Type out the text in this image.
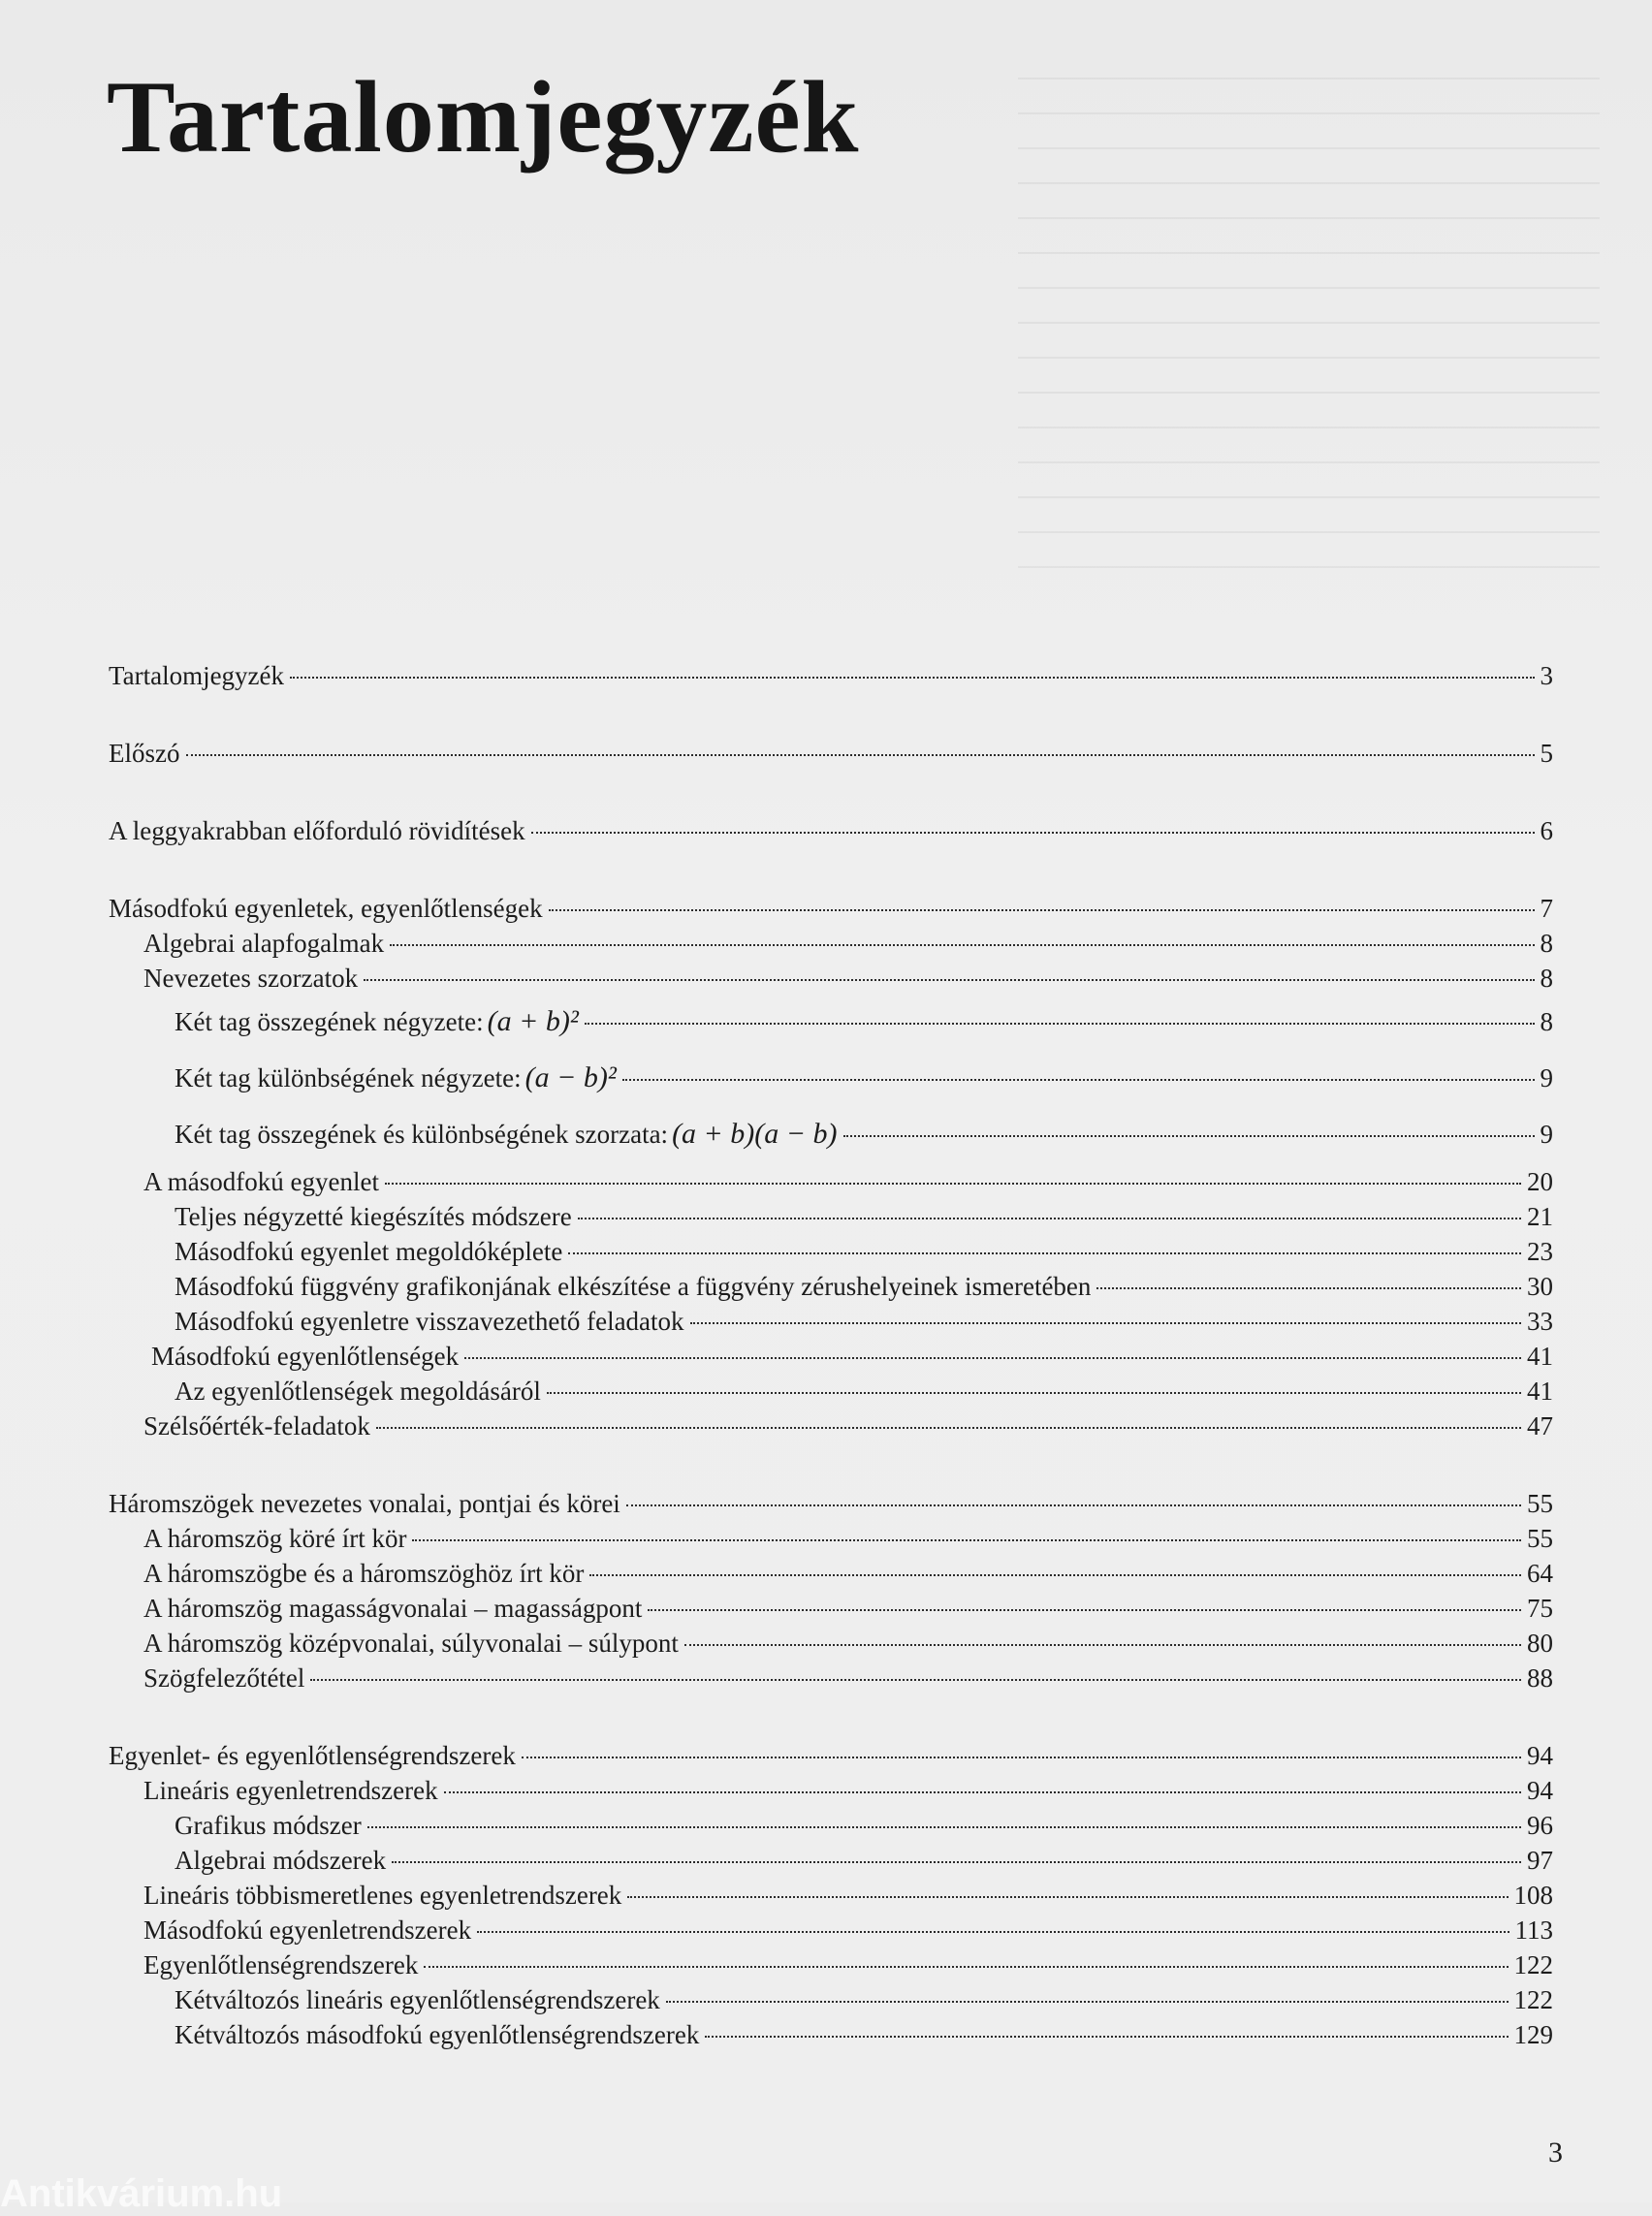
Tartalomjegyzék
Tartalomjegyzék	3
Előszó	5
A leggyakrabban előforduló rövidítések	6
Másodfokú egyenletek, egyenlőtlenségek	7
Algebrai alapfogalmak	8
Nevezetes szorzatok	8
Két tag összegének négyzete: (a + b)²	8
Két tag különbségének négyzete: (a − b)²	9
Két tag összegének és különbségének szorzata: (a + b)(a − b)	9
A másodfokú egyenlet	20
Teljes négyzetté kiegészítés módszere	21
Másodfokú egyenlet megoldóképlete	23
Másodfokú függvény grafikonjának elkészítése a függvény zérushelyeinek ismeretében	30
Másodfokú egyenletre visszavezethető feladatok	33
Másodfokú egyenlőtlenségek	41
Az egyenlőtlenségek megoldásáról	41
Szélsőérték-feladatok	47
Háromszögek nevezetes vonalai, pontjai és körei	55
A háromszög köré írt kör	55
A háromszögbe és a háromszöghöz írt kör	64
A háromszög magasságvonalai – magasságpont	75
A háromszög középvonalai, súlyvonalai – súlypont	80
Szögfelezőtétel	88
Egyenlet- és egyenlőtlenségrendszerek	94
Lineáris egyenletrendszerek	94
Grafikus módszer	96
Algebrai módszerek	97
Lineáris többismeretlenes egyenletrendszerek	108
Másodfokú egyenletrendszerek	113
Egyenlőtlenségrendszerek	122
Kétváltozós lineáris egyenlőtlenségrendszerek	122
Kétváltozós másodfokú egyenlőtlenségrendszerek	129
3
Antikvárium.hu
